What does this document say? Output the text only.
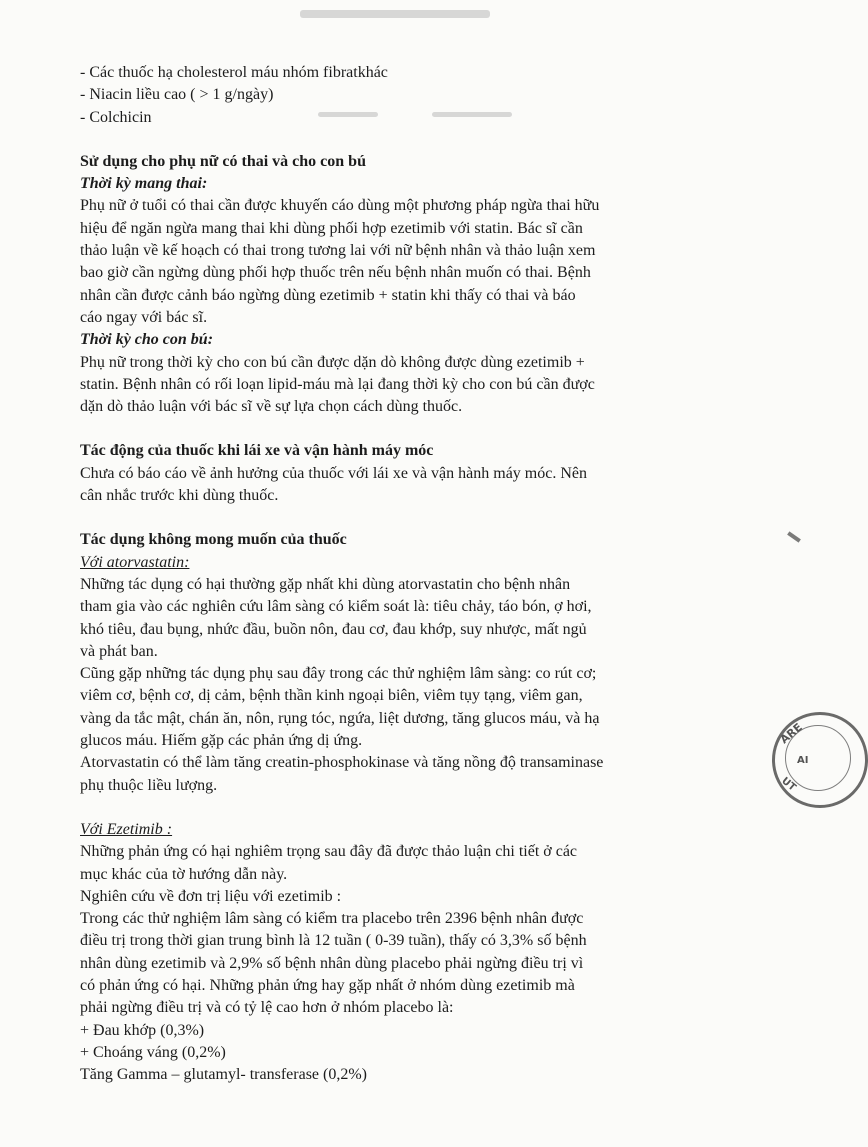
ARE
AI
UT
- Các thuốc hạ cholesterol máu nhóm fibratkhác
- Niacin liều cao ( > 1 g/ngày)
- Colchicin
Sử dụng cho phụ nữ có thai và cho con bú
Thời kỳ mang thai:
Phụ nữ ở tuổi có thai cần được khuyến cáo dùng một phương pháp ngừa thai hữu
hiệu để ngăn ngừa mang thai khi dùng phối hợp ezetimib với statin. Bác sĩ cần
thảo luận về kế hoạch có thai trong tương lai với nữ bệnh nhân và thảo luận xem
bao giờ cần ngừng dùng phối hợp thuốc trên nếu bệnh nhân muốn có thai. Bệnh
nhân cần được cảnh báo ngừng dùng ezetimib + statin khi thấy có thai và báo
cáo ngay với bác sĩ.
Thời kỳ cho con bú:
Phụ nữ trong thời kỳ cho con bú cần được dặn dò không được dùng ezetimib +
statin. Bệnh nhân có rối loạn lipid-máu mà lại đang thời kỳ cho con bú cần được
dặn dò thảo luận với bác sĩ về sự lựa chọn cách dùng thuốc.
Tác động của thuốc khi lái xe và vận hành máy móc
Chưa có báo cáo về ảnh hưởng của thuốc với lái xe và vận hành máy móc. Nên
cân nhắc trước khi dùng thuốc.
Tác dụng không mong muốn của thuốc
Với atorvastatin:
Những tác dụng có hại thường gặp nhất khi dùng atorvastatin cho bệnh nhân
tham gia vào các nghiên cứu lâm sàng có kiểm soát là: tiêu chảy, táo bón, ợ hơi,
khó tiêu, đau bụng, nhức đầu, buồn nôn, đau cơ, đau khớp, suy nhược, mất ngủ
và phát ban.
Cũng gặp những tác dụng phụ sau đây trong các thử nghiệm lâm sàng: co rút cơ;
viêm cơ, bệnh cơ, dị cảm, bệnh thần kinh ngoại biên, viêm tụy tạng, viêm gan,
vàng da tắc mật, chán ăn, nôn, rụng tóc, ngứa, liệt dương, tăng glucos máu, và hạ
glucos máu. Hiếm gặp các phản ứng dị ứng.
Atorvastatin có thể làm tăng creatin-phosphokinase và tăng nồng độ transaminase
phụ thuộc liều lượng.
Với Ezetimib :
Những phản ứng có hại nghiêm trọng sau đây đã được thảo luận chi tiết ở các
mục khác của tờ hướng dẫn này.
Nghiên cứu về đơn trị liệu với ezetimib :
Trong các thử nghiệm lâm sàng có kiểm tra placebo trên 2396 bệnh nhân được
điều trị trong thời gian trung bình là 12 tuần ( 0-39 tuần), thấy có 3,3% số bệnh
nhân dùng ezetimib và 2,9% số bệnh nhân dùng placebo phải ngừng điều trị vì
có phản ứng có hại. Những phản ứng hay gặp nhất ở nhóm dùng ezetimib mà
phải ngừng điều trị và có tỷ lệ cao hơn ở nhóm placebo là:
+ Đau khớp (0,3%)
+ Choáng váng (0,2%)
Tăng Gamma – glutamyl- transferase (0,2%)
